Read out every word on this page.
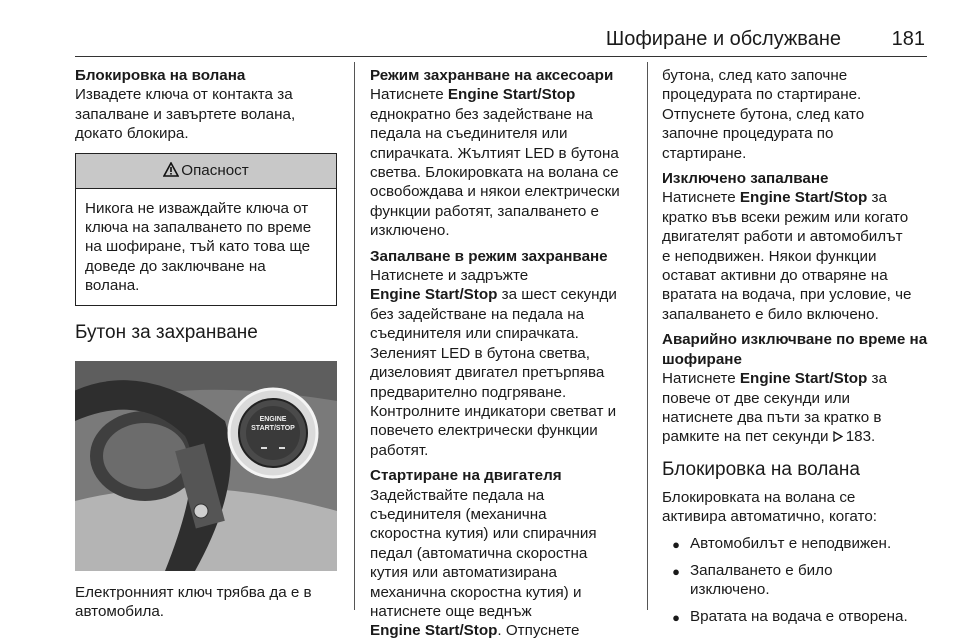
Шофиране и обслужване	181

Блокировка на волана

Извадете ключа от контакта за

запалване и завъртете волана,

докато блокира.

Опасност

Никога не изваждайте ключа от

ключа на запалването по време

на шофиране, тъй като това ще

доведе до заключване на

волана.

Бутон за захранване
ENGINE
START/STOP

Електронният ключ трябва да е в

автомобила.

Режим захранване на аксесоари

Натиснете Engine Start/Stop

еднократно без задействане на

педала на съединителя или

спирачката. Жълтият LED в бутона

светва. Блокировката на волана се

освобождава и някои електрически

функции работят, запалването е

изключено.

Запалване в режим захранване

Натиснете и задръжте

Engine Start/Stop за шест секунди

без задействане на педала на

съединителя или спирачката.

Зеленият LED в бутона светва,

дизеловият двигател претърпява

предварително подгряване.

Контролните индикатори светват и

повечето електрически функции

работят.

Стартиране на двигателя

Задействайте педала на

съединителя (механична

скоростна кутия) или спирачния

педал (автоматична скоростна

кутия или автоматизирана

механична скоростна кутия) и

натиснете още веднъж

Engine Start/Stop. Отпуснете

бутона, след като започне

процедурата по стартиране.

Отпуснете бутона, след като

започне процедурата по

стартиране.

Изключено запалване

Натиснете Engine Start/Stop за

кратко във всеки режим или когато

двигателят работи и автомобилът

е неподвижен. Някои функции

остават активни до отваряне на

вратата на водача, при условие, че

запалването е било включено.

Аварийно изключване по време на

шофиране

Натиснете Engine Start/Stop за

повече от две секунди или

натиснете два пъти за кратко в

рамките на пет секунди 183.

Блокировка на волана

Блокировката на волана се

активира автоматично, когато:

● Автомобилът е неподвижен.

● Запалването е било

изключено.

● Вратата на водача е отворена.
